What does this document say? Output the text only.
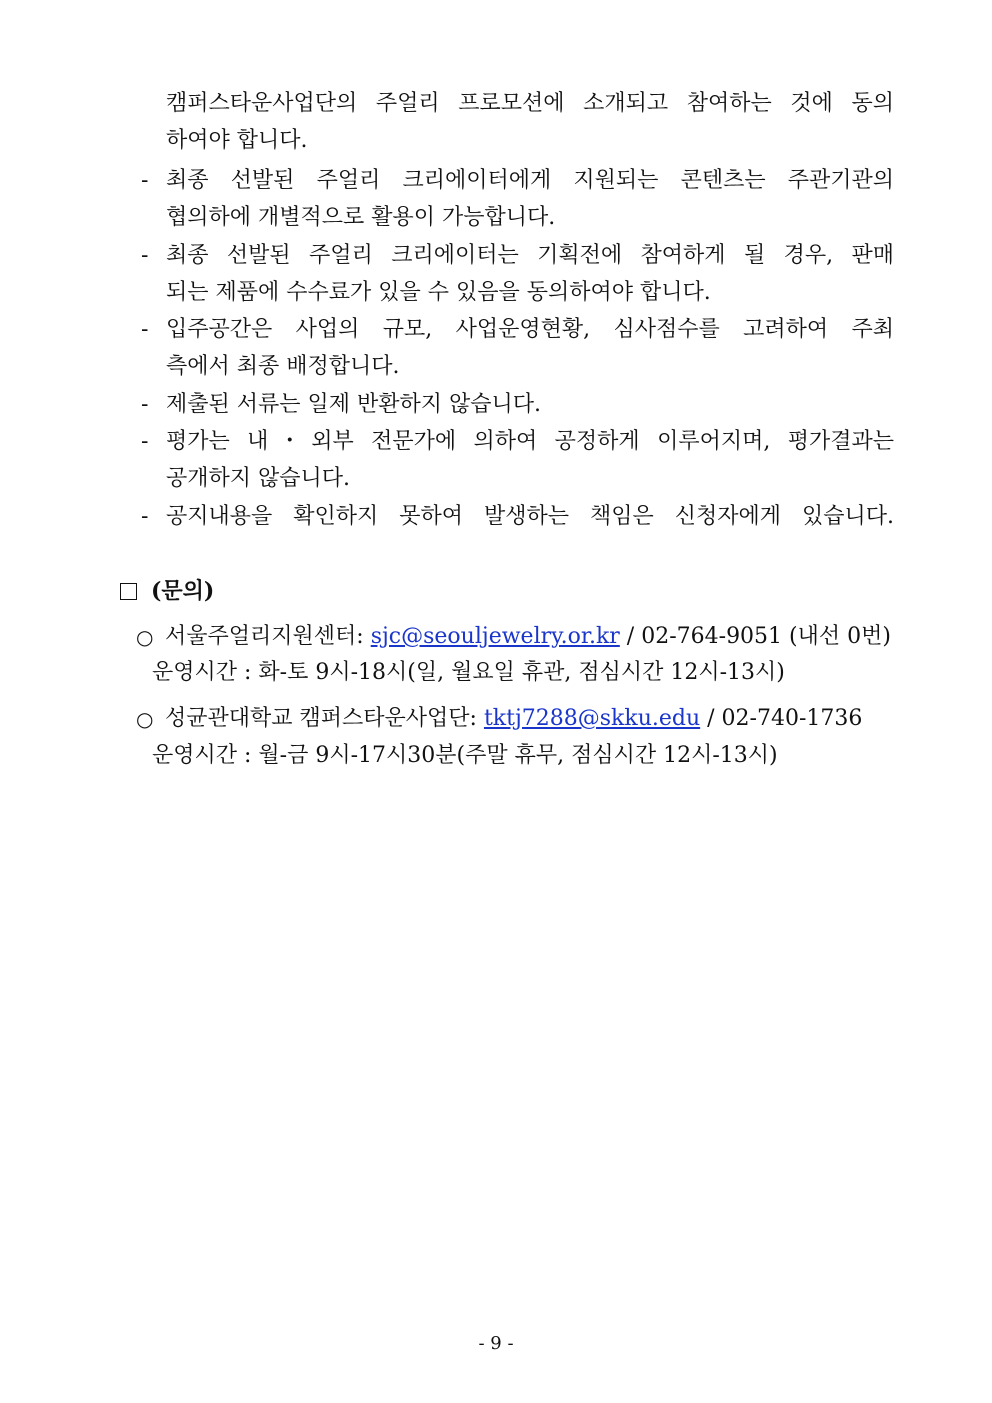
캠퍼스타운사업단의 주얼리 프로모션에 소개되고 참여하는 것에 동의
하여야 합니다.
- 최종 선발된 주얼리 크리에이터에게 지원되는 콘텐츠는 주관기관의
협의하에 개별적으로 활용이 가능합니다.
- 최종 선발된 주얼리 크리에이터는 기획전에 참여하게 될 경우, 판매
되는 제품에 수수료가 있을 수 있음을 동의하여야 합니다.
- 입주공간은 사업의 규모, 사업운영현황, 심사점수를 고려하여 주최
측에서 최종 배정합니다.
- 제출된 서류는 일제 반환하지 않습니다.
- 평가는 내・외부 전문가에 의하여 공정하게 이루어지며, 평가결과는
공개하지 않습니다.
- 공지내용을 확인하지 못하여 발생하는 책임은 신청자에게 있습니다.
(문의)
○ 서울주얼리지원센터: sjc@seouljewelry.or.kr / 02-764-9051 (내선 0번)
운영시간 : 화-토 9시-18시(일, 월요일 휴관, 점심시간 12시-13시)
○ 성균관대학교 캠퍼스타운사업단: tktj7288@skku.edu / 02-740-1736
운영시간 : 월-금 9시-17시30분(주말 휴무, 점심시간 12시-13시)
- 9 -
